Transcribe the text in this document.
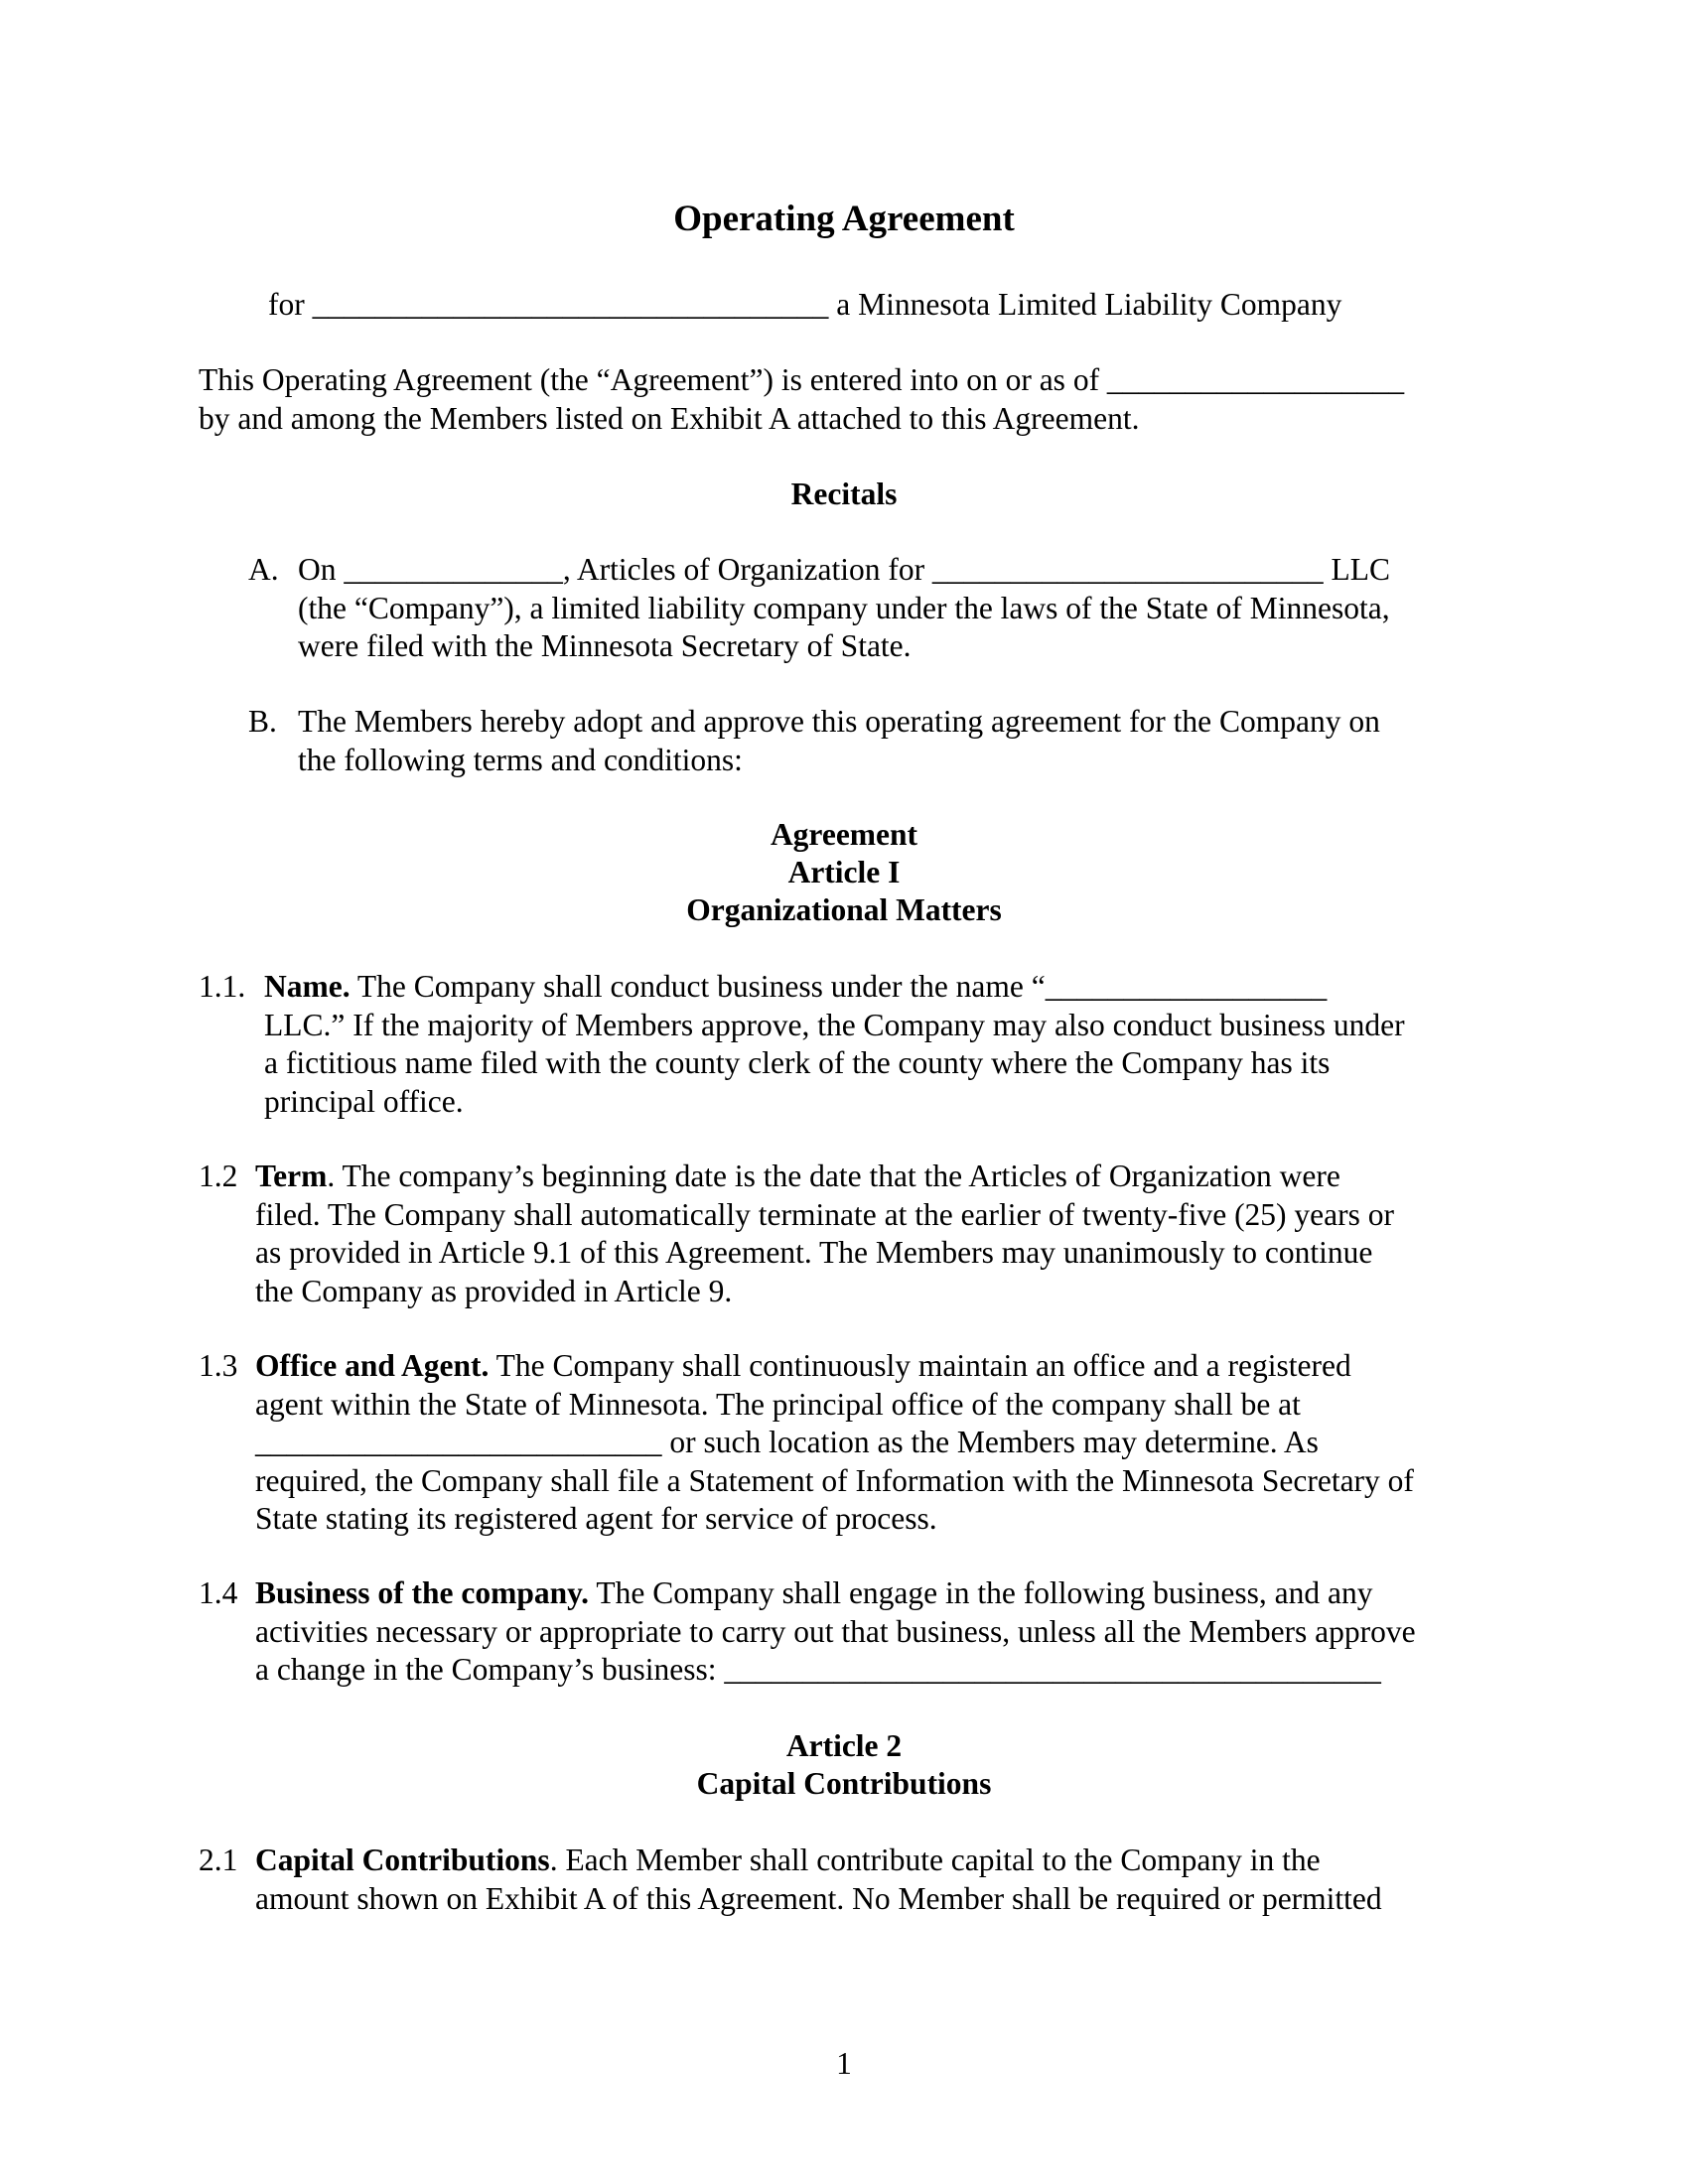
Operating Agreement
for _________________________________ a Minnesota Limited Liability Company
This Operating Agreement (the “Agreement”) is entered into on or as of ___________________
by and among the Members listed on Exhibit A attached to this Agreement.
Recitals
A. On ______________, Articles of Organization for _________________________ LLC
(the “Company”), a limited liability company under the laws of the State of Minnesota,
were filed with the Minnesota Secretary of State.
B. The Members hereby adopt and approve this operating agreement for the Company on
the following terms and conditions:
Agreement
Article I
Organizational Matters
1.1. Name. The Company shall conduct business under the name “__________________
LLC.” If the majority of Members approve, the Company may also conduct business under
a fictitious name filed with the county clerk of the county where the Company has its
principal office.
1.2 Term. The company’s beginning date is the date that the Articles of Organization were
filed. The Company shall automatically terminate at the earlier of twenty-five (25) years or
as provided in Article 9.1 of this Agreement. The Members may unanimously to continue
the Company as provided in Article 9.
1.3 Office and Agent. The Company shall continuously maintain an office and a registered
agent within the State of Minnesota. The principal office of the company shall be at
__________________________ or such location as the Members may determine. As
required, the Company shall file a Statement of Information with the Minnesota Secretary of
State stating its registered agent for service of process.
1.4 Business of the company. The Company shall engage in the following business, and any
activities necessary or appropriate to carry out that business, unless all the Members approve
a change in the Company’s business: __________________________________________
Article 2
Capital Contributions
2.1 Capital Contributions. Each Member shall contribute capital to the Company in the
amount shown on Exhibit A of this Agreement. No Member shall be required or permitted
1
